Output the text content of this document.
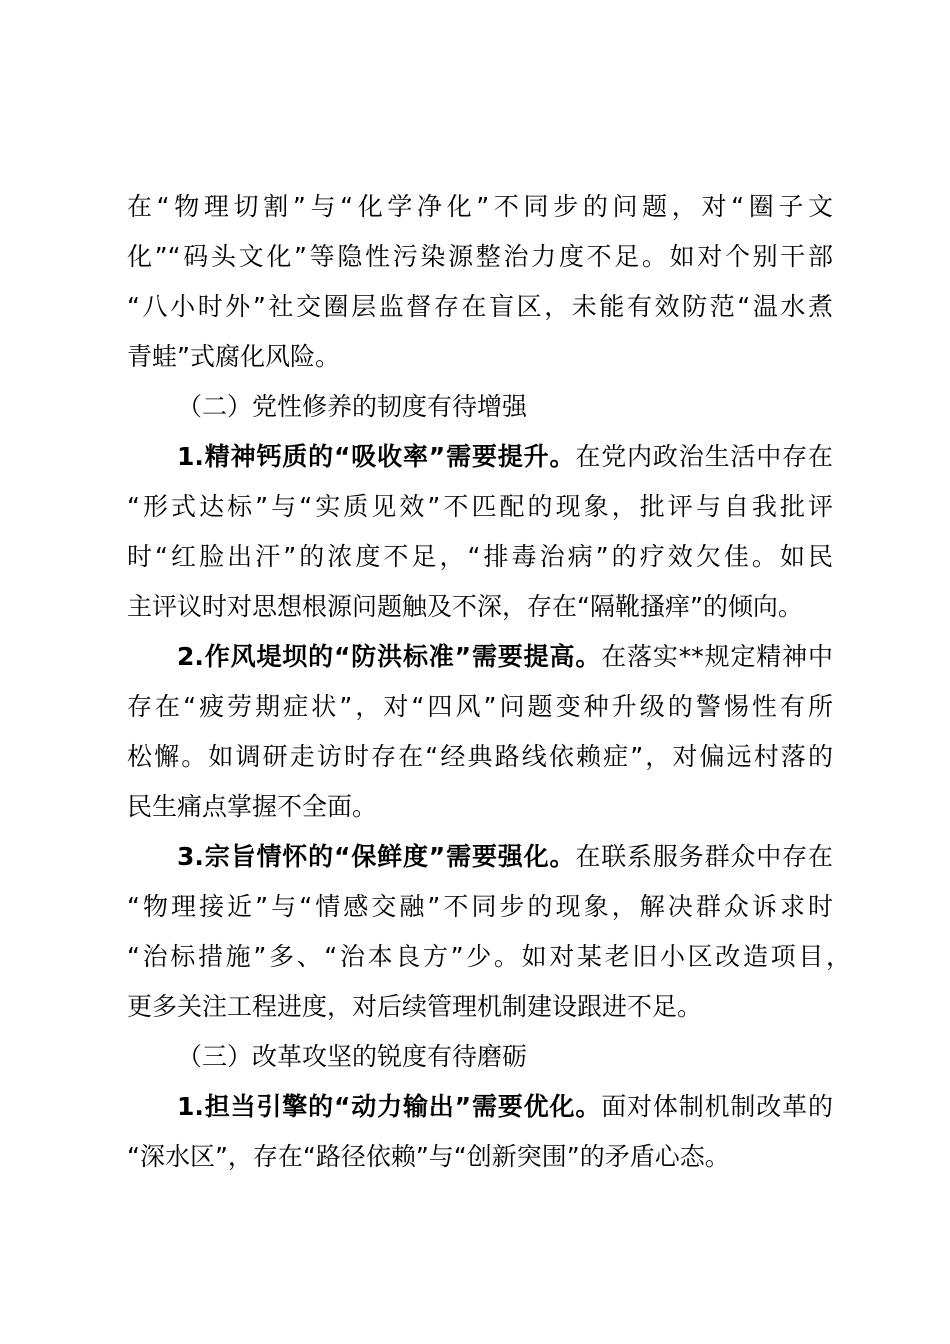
在“物理切割”与“化学净化”不同步的问题，对“圈子文
化”“码头文化”等隐性污染源整治力度不足。如对个别干部
“八小时外”社交圈层监督存在盲区，未能有效防范“温水煮
青蛙”式腐化风险。
（二）党性修养的韧度有待增强
1.精神钙质的“吸收率”需要提升。在党内政治生活中存在
“形式达标”与“实质见效”不匹配的现象，批评与自我批评
时“红脸出汗”的浓度不足，“排毒治病”的疗效欠佳。如民
主评议时对思想根源问题触及不深，存在“隔靴搔痒”的倾向。
2.作风堤坝的“防洪标准”需要提高。在落实**规定精神中
存在“疲劳期症状”，对“四风”问题变种升级的警惕性有所
松懈。如调研走访时存在“经典路线依赖症”，对偏远村落的
民生痛点掌握不全面。
3.宗旨情怀的“保鲜度”需要强化。在联系服务群众中存在
“物理接近”与“情感交融”不同步的现象，解决群众诉求时
“治标措施”多、“治本良方”少。如对某老旧小区改造项目，
更多关注工程进度，对后续管理机制建设跟进不足。
（三）改革攻坚的锐度有待磨砺
1.担当引擎的“动力输出”需要优化。面对体制机制改革的
“深水区”，存在“路径依赖”与“创新突围”的矛盾心态。
